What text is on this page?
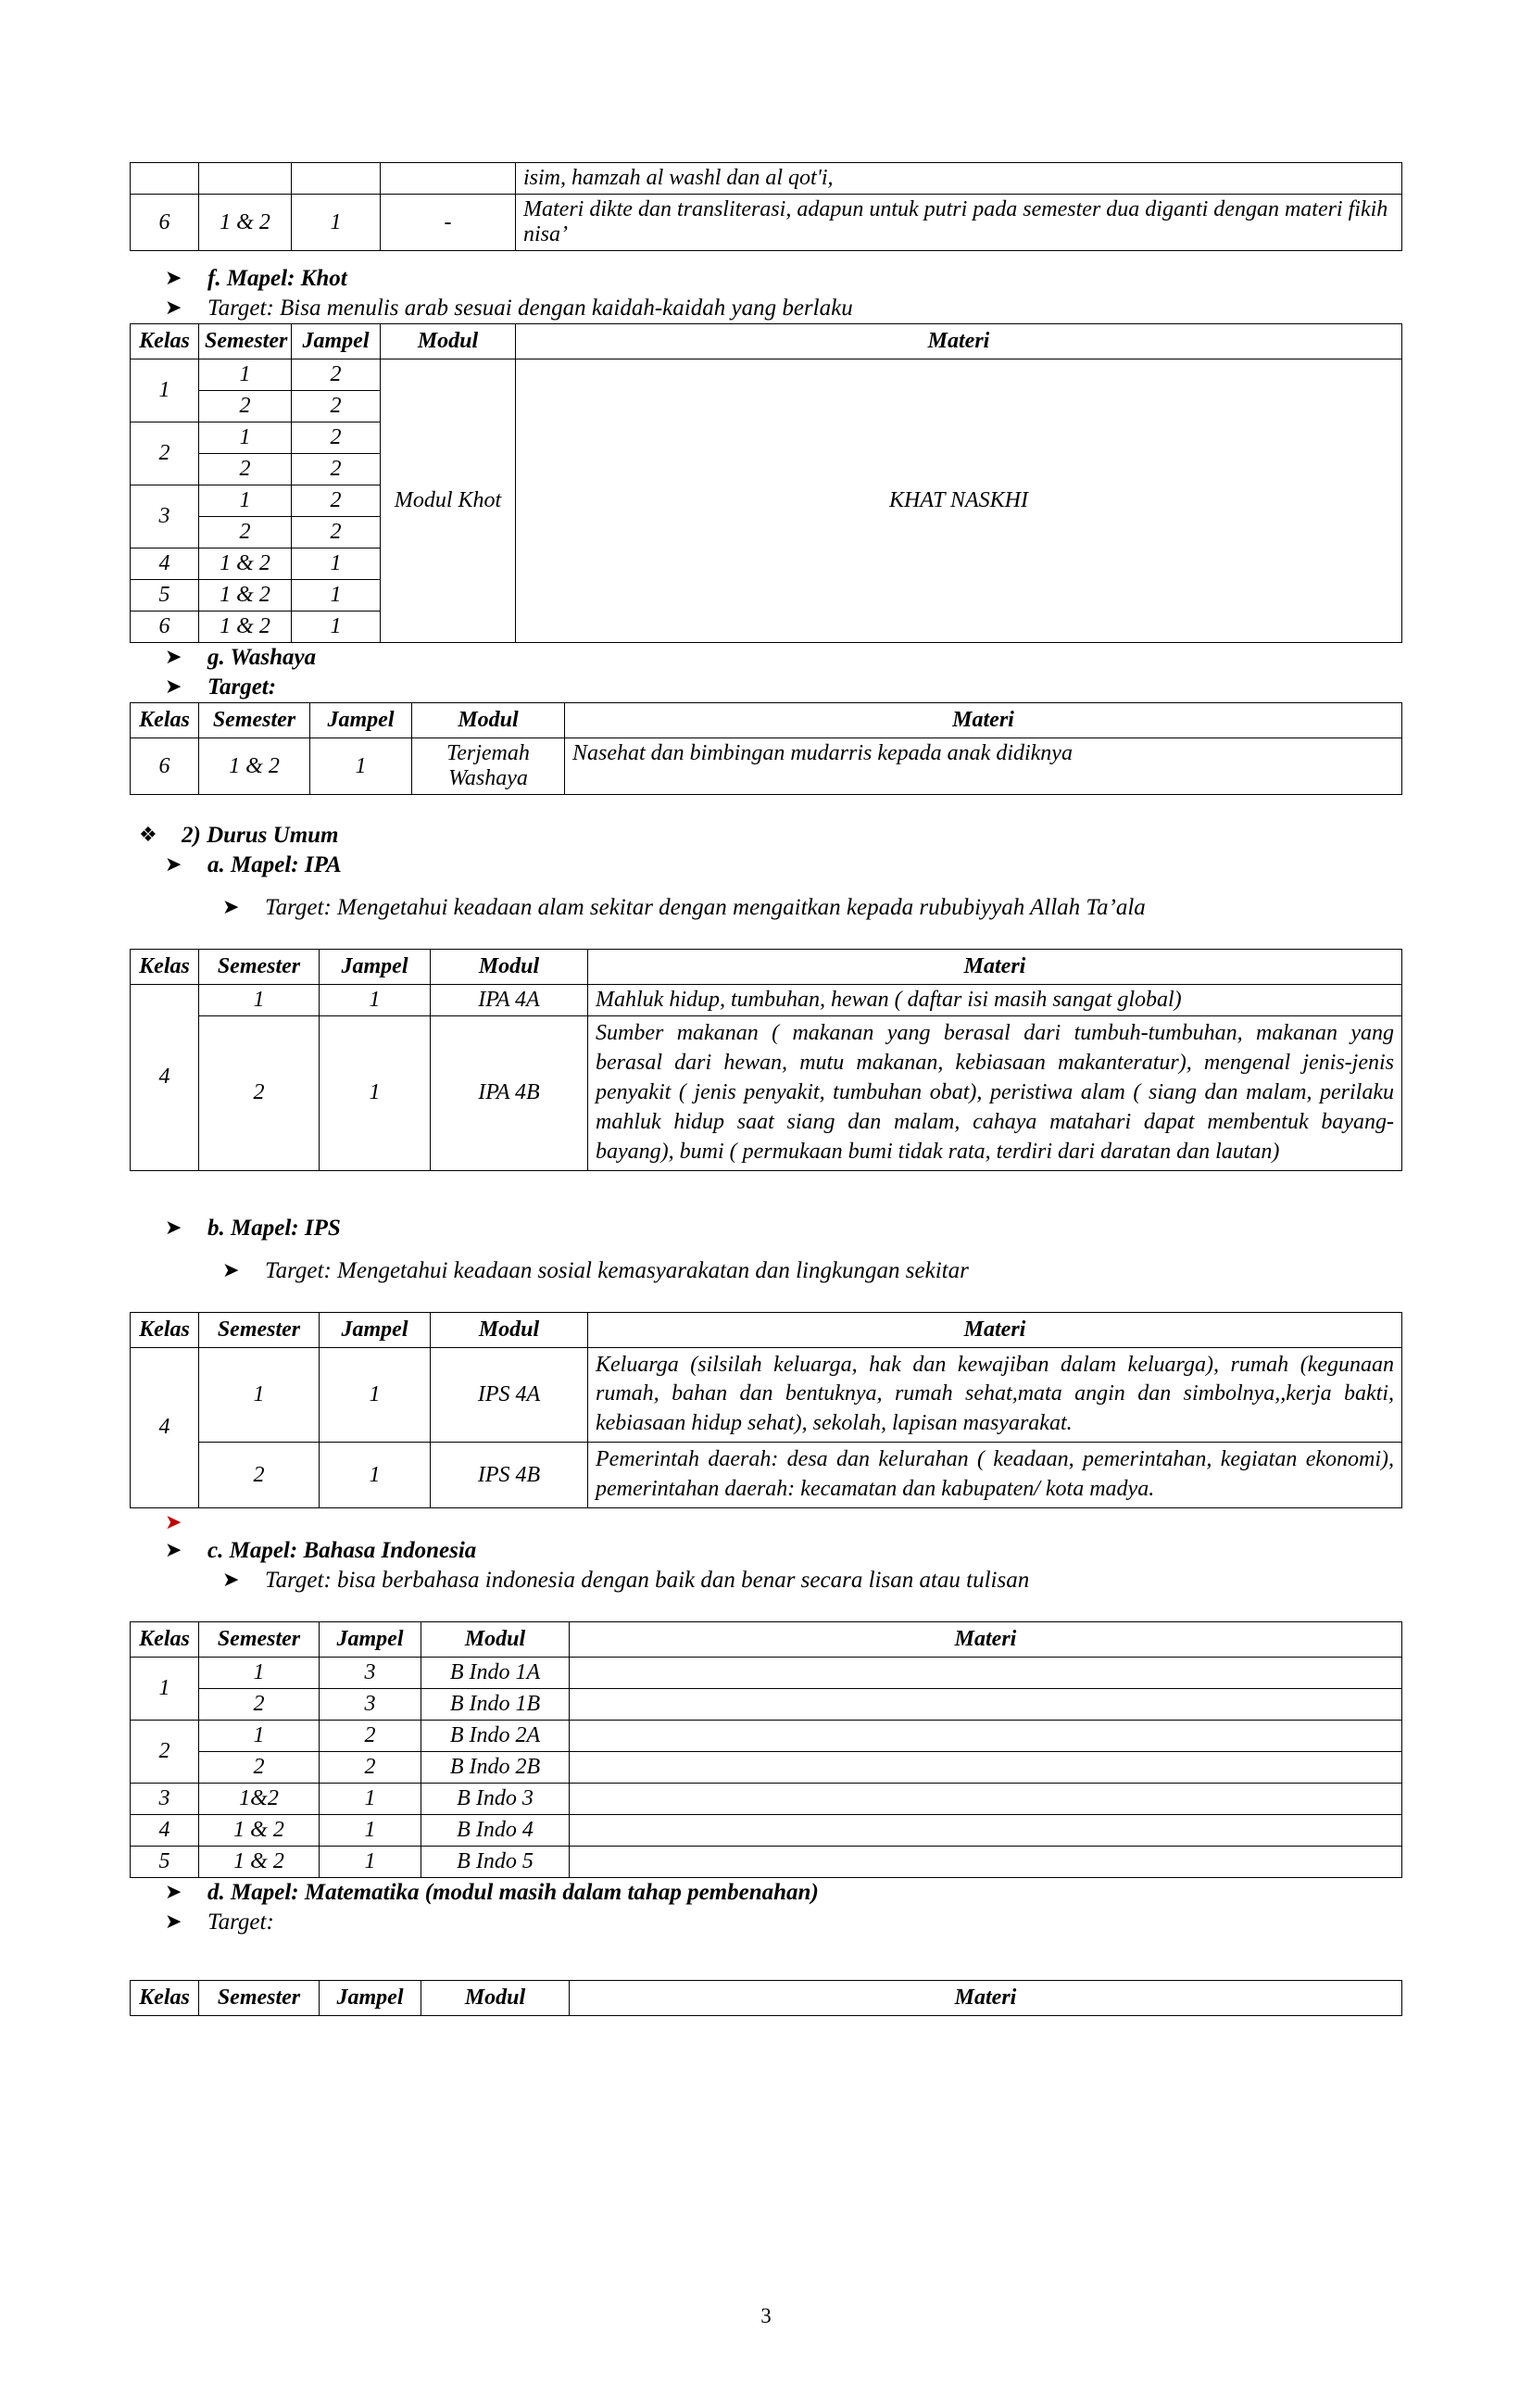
				isim, hamzah al washl dan al qot'i,
6	1 & 2	1	-	Materi dikte dan transliterasi, adapun untuk putri pada semester dua diganti dengan materi fikih nisa’
➤	f. Mapel: Khot
➤	Target: Bisa menulis arab sesuai dengan kaidah-kaidah yang berlaku
Kelas	Semester	Jampel	Modul	Materi
1	1	2	Modul Khot	KHAT NASKHI
	2	2		
2	1	2		
	2	2		
3	1	2		
	2	2		
4	1 & 2	1		
5	1 & 2	1		
6	1 & 2	1		
➤	g. Washaya
➤	Target:
Kelas	Semester	Jampel	Modul	Materi
6	1 & 2	1	Terjemah Washaya	Nasehat dan bimbingan mudarris kepada anak didiknya
❖	2) Durus Umum
➤	a. Mapel: IPA
➤	Target: Mengetahui keadaan alam sekitar dengan mengaitkan kepada rububiyyah Allah Ta’ala
Kelas	Semester	Jampel	Modul	Materi
4	1	1	IPA 4A	Mahluk hidup, tumbuhan, hewan ( daftar isi masih sangat global)
	2	1	IPA 4B	Sumber makanan ( makanan yang berasal dari tumbuh-tumbuhan, makanan yang berasal dari hewan, mutu makanan, kebiasaan makanteratur), mengenal jenis-jenis penyakit ( jenis penyakit, tumbuhan obat), peristiwa alam ( siang dan malam, perilaku mahluk hidup saat siang dan malam, cahaya matahari dapat membentuk bayang-bayang), bumi ( permukaan bumi tidak rata, terdiri dari daratan dan lautan)
➤	b. Mapel: IPS
➤	Target: Mengetahui keadaan sosial kemasyarakatan dan lingkungan sekitar
Kelas	Semester	Jampel	Modul	Materi
4	1	1	IPS 4A	Keluarga (silsilah keluarga, hak dan kewajiban dalam keluarga), rumah (kegunaan rumah, bahan dan bentuknya, rumah sehat,mata angin dan simbolnya,,kerja bakti, kebiasaan hidup sehat), sekolah, lapisan masyarakat.
	2	1	IPS 4B	Pemerintah daerah: desa dan kelurahan ( keadaan, pemerintahan, kegiatan ekonomi), pemerintahan daerah: kecamatan dan kabupaten/ kota madya.
➤
➤	c. Mapel: Bahasa Indonesia
➤	Target: bisa berbahasa indonesia dengan baik dan benar secara lisan atau tulisan
Kelas	Semester	Jampel	Modul	Materi
1	1	3	B Indo 1A	
	2	3	B Indo 1B	
2	1	2	B Indo 2A	
	2	2	B Indo 2B	
3	1&2	1	B Indo 3	
4	1 & 2	1	B Indo 4	
5	1 & 2	1	B Indo 5	
➤	d. Mapel: Matematika (modul masih dalam tahap pembenahan)
➤	Target:
Kelas	Semester	Jampel	Modul	Materi
3
